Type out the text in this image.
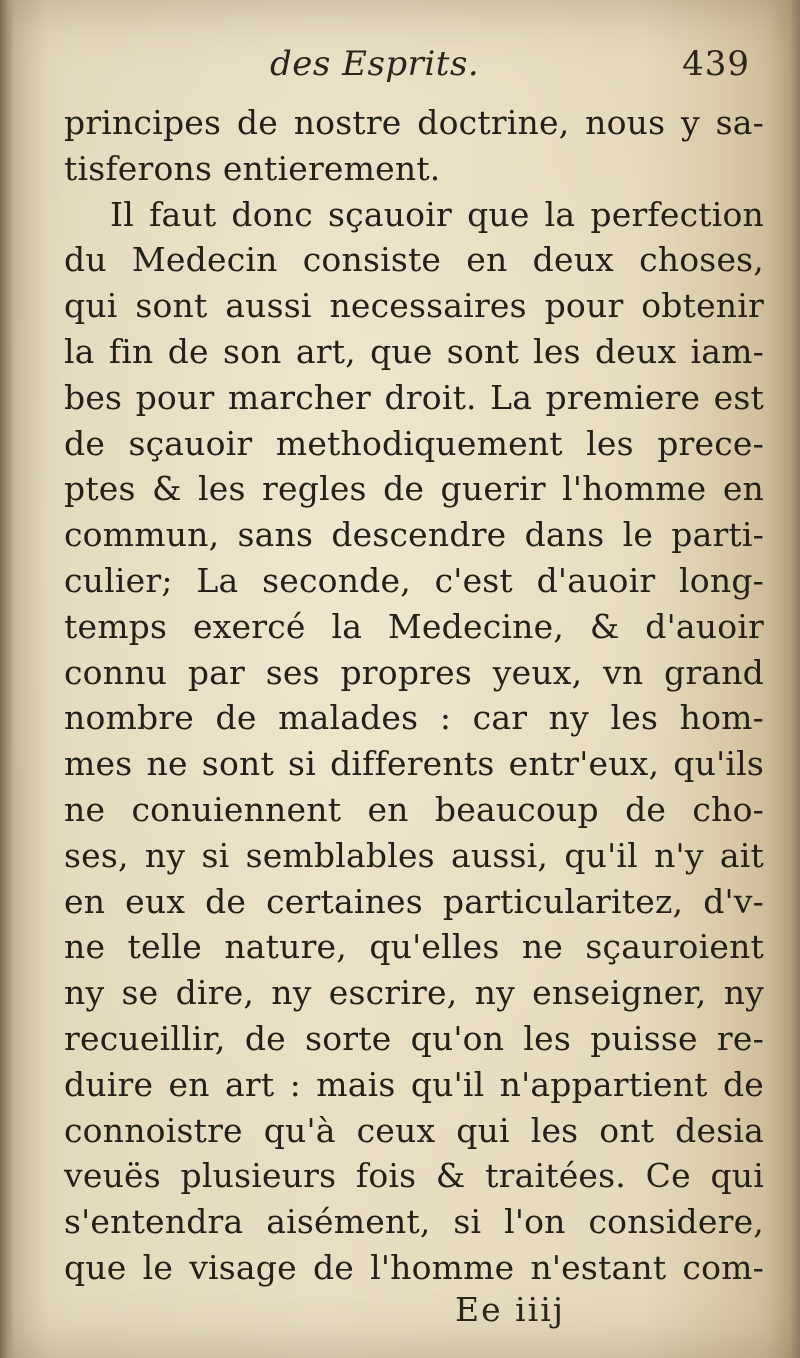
des Esprits.	439
principes de nostre doctrine, nous y sa-
tisferons entierement.
Il faut donc sçauoir que la perfection
du Medecin consiste en deux choses,
qui sont aussi necessaires pour obtenir
la fin de son art, que sont les deux iam-
bes pour marcher droit. La premiere est
de sçauoir methodiquement les prece-
ptes & les regles de guerir l'homme en
commun, sans descendre dans le parti-
culier; La seconde, c'est d'auoir long-
temps exercé la Medecine, & d'auoir
connu par ses propres yeux, vn grand
nombre de malades : car ny les hom-
mes ne sont si differents entr'eux, qu'ils
ne conuiennent en beaucoup de cho-
ses, ny si semblables aussi, qu'il n'y ait
en eux de certaines particularitez, d'v-
ne telle nature, qu'elles ne sçauroient
ny se dire, ny escrire, ny enseigner, ny
recueillir, de sorte qu'on les puisse re-
duire en art : mais qu'il n'appartient de
connoistre qu'à ceux qui les ont desia
veuës plusieurs fois & traitées. Ce qui
s'entendra aisément, si l'on considere,
que le visage de l'homme n'estant com-
Ee iiij
